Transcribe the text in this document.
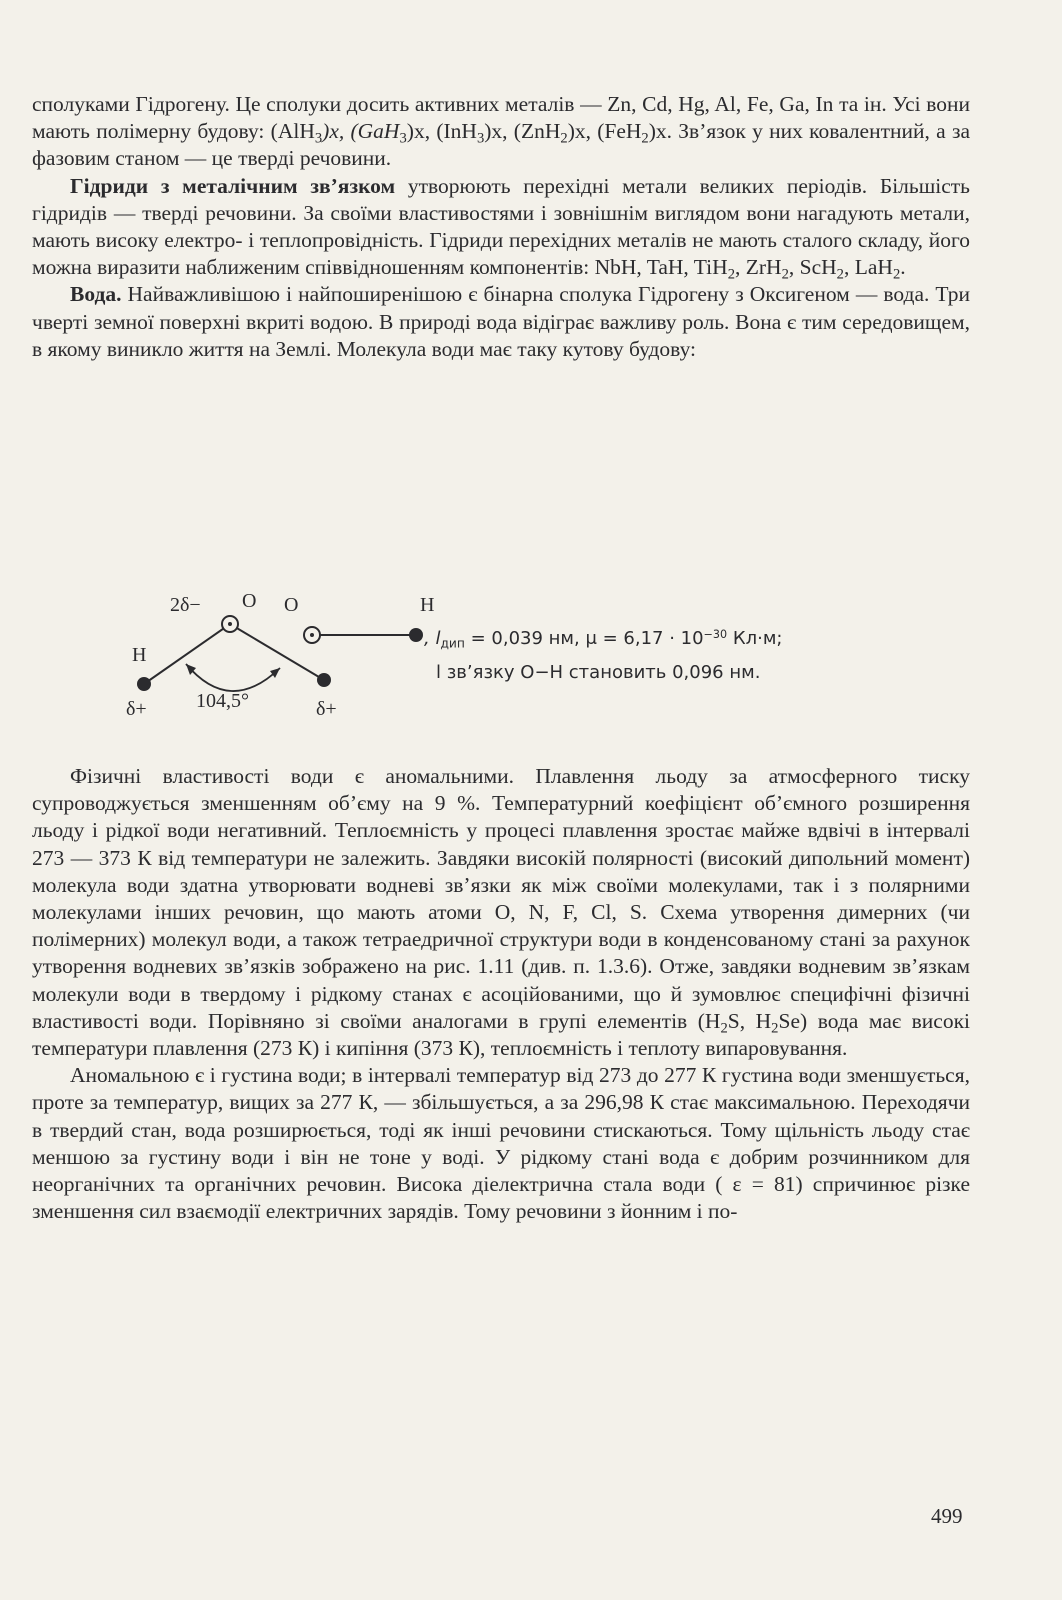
сполуками Гідрогену. Це сполуки досить активних металів — Zn, Cd, Hg, Al, Fe, Ga, In та ін. Усі вони мають полімерну будову: (AlH$_3$)x, (GaH$_3$)x, (InH$_3$)x, (ZnH$_2$)x, (FeH$_2$)x. Зв’язок у них ковалентний, а за фазовим станом — це тверді речовини.

Гідриди з металічним зв’язком утворюють перехідні метали великих періодів. Більшість гідридів — тверді речовини. За своїми властивостями і зовнішнім виглядом вони нагадують метали, мають високу електро- і теплопровідність. Гідриди перехідних металів не мають сталого складу, його можна виразити наближеним співвідношенням компонентів: NbH, TaH, TiH$_2$, ZrH$_2$, ScH$_2$, LaH$_2$.

Вода. Найважливішою і найпоширенішою є бінарна сполука Гідрогену з Оксигеном — вода. Три чверті земної поверхні вкриті водою. В природі вода відіграє важливу роль. Вона є тим середовищем, в якому виникло життя на Землі. Молекула води має таку кутову будову:

2δ− O O
H
H
δ+	δ+
104,5°
, $l_{дип} = 0,039$ нм, $\mu = 6,17 \cdot 10^{-30}$ Кл·м;
l зв’язку O−H становить 0,096 нм.

Фізичні властивості води є аномальними. Плавлення льоду за атмосферного тиску супроводжується зменшенням об’єму на 9 %. Температурний коефіцієнт об’ємного розширення льоду і рідкої води негативний. Теплоємність у процесі плавлення зростає майже вдвічі в інтервалі 273 — 373 К від температури не залежить. Завдяки високій полярності (високий дипольний момент) молекула води здатна утворювати водневі зв’язки як між своїми молекулами, так і з полярними молекулами інших речовин, що мають атоми O, N, F, Cl, S. Схема утворення димерних (чи полімерних) молекул води, а також тетраедричної структури води в конденсованому стані за рахунок утворення водневих зв’язків зображено на рис. 1.11 (див. п. 1.3.6). Отже, завдяки водневим зв’язкам молекули води в твердому і рідкому станах є асоційованими, що й зумовлює специфічні фізичні властивості води. Порівняно зі своїми аналогами в групі елементів ($H_2S$, $H_2Se$) вода має високі температури плавлення (273 К) і кипіння (373 К), теплоємність і теплоту випаровування.

Аномальною є і густина води; в інтервалі температур від 273 до 277 К густина води зменшується, проте за температур, вищих за 277 К, — збільшується, а за 296,98 К стає максимальною. Переходячи в твердий стан, вода розширюється, тоді як інші речовини стискаються. Тому щільність льоду стає меншою за густину води і він не тоне у воді. У рідкому стані вода є добрим розчинником для неорганічних та органічних речовин. Висока діелектрична стала води ( ε = 81) спричинює різке зменшення сил взаємодії електричних зарядів. Тому речовини з йонним і по-

499
